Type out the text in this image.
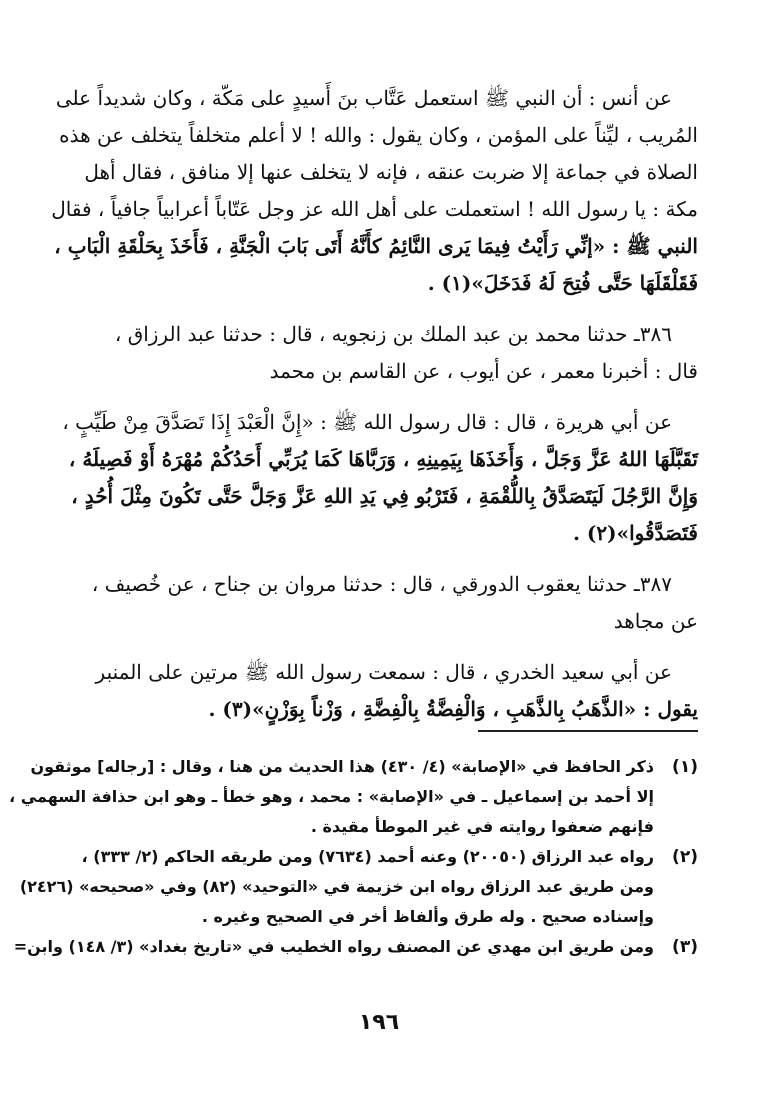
عن أنس : أن النبي ﷺ استعمل عَتَّاب بنَ أَسيدٍ على مَكّة ، وكان شديداً على
المُريب ، ليِّناً على المؤمن ، وكان يقول : والله ! لا أعلم متخلفاً يتخلف عن هذه
الصلاة في جماعة إلا ضربت عنقه ، فإنه لا يتخلف عنها إلا منافق ، فقال أهل
مكة : يا رسول الله ! استعملت على أهل الله عز وجل عَتّاباً أعرابياً جافياً ، فقال
النبي ﷺ : «إنِّي رَأَيْتُ فِيمَا يَرى النَّائِمُ كأَنَّهُ أَتَى بَابَ الْجَنَّةِ ، فَأَخَذَ بِحَلْقَةِ الْبَابِ ،
فَقَلْقَلَهَا حَتَّى فُتِحَ لَهُ فَدَخَلَ»(١) .
٣٨٦ـ حدثنا محمد بن عبد الملك بن زنجويه ، قال : حدثنا عبد الرزاق ،
قال : أخبرنا معمر ، عن أيوب ، عن القاسم بن محمد
عن أبي هريرة ، قال : قال رسول الله ﷺ : «إِنَّ الْعَبْدَ إِذَا تَصَدَّقَ مِنْ طَيِّبٍ ،
تَقَبَّلَهَا اللهُ عَزَّ وَجَلَّ ، وَأَخَذَهَا بِيَمِينِهِ ، وَرَبَّاهَا كَمَا يُرَبِّي أَحَدُكُمْ مُهْرَهُ أَوْ فَصِيلَهُ ،
وَإِنَّ الرَّجُلَ لَيَتَصَدَّقُ بِاللُّقْمَةِ ، فَتَرْبُو فِي يَدِ اللهِ عَزَّ وَجَلَّ حَتَّى تَكُونَ مِثْلَ أُحُدٍ ،
فَتَصَدَّقُوا»(٢) .
٣٨٧ـ حدثنا يعقوب الدورقي ، قال : حدثنا مروان بن جناح ، عن خُصيف ،
عن مجاهد
عن أبي سعيد الخدري ، قال : سمعت رسول الله ﷺ مرتين على المنبر
يقول : «الذَّهَبُ بِالذَّهَبِ ، وَالْفِضَّةُ بِالْفِضَّةِ ، وَزْناً بِوَزْنٍ»(٣) .
(١)
ذكر الحافظ في «الإصابة» (٤/ ٤٣٠) هذا الحديث من هنا ، وقال : [رجاله] موثقون
إلا أحمد بن إسماعيل ـ في «الإصابة» : محمد ، وهو خطأ ـ وهو ابن حذافة السهمي ،
فإنهم ضعفوا روايته في غير الموطأ مقيدة .
(٢)
رواه عبد الرزاق (٢٠٠٥٠) وعنه أحمد (٧٦٣٤) ومن طريقه الحاكم (٢/ ٣٣٣) ،
ومن طريق عبد الرزاق رواه ابن خزيمة في «التوحيد» (٨٢) وفي «صحيحه» (٢٤٢٦)
وإسناده صحيح . وله طرق وألفاظ أخر في الصحيح وغيره .
(٣)
ومن طريق ابن مهدي عن المصنف رواه الخطيب في «تاريخ بغداد» (٣/ ١٤٨) وابن=
١٩٦
